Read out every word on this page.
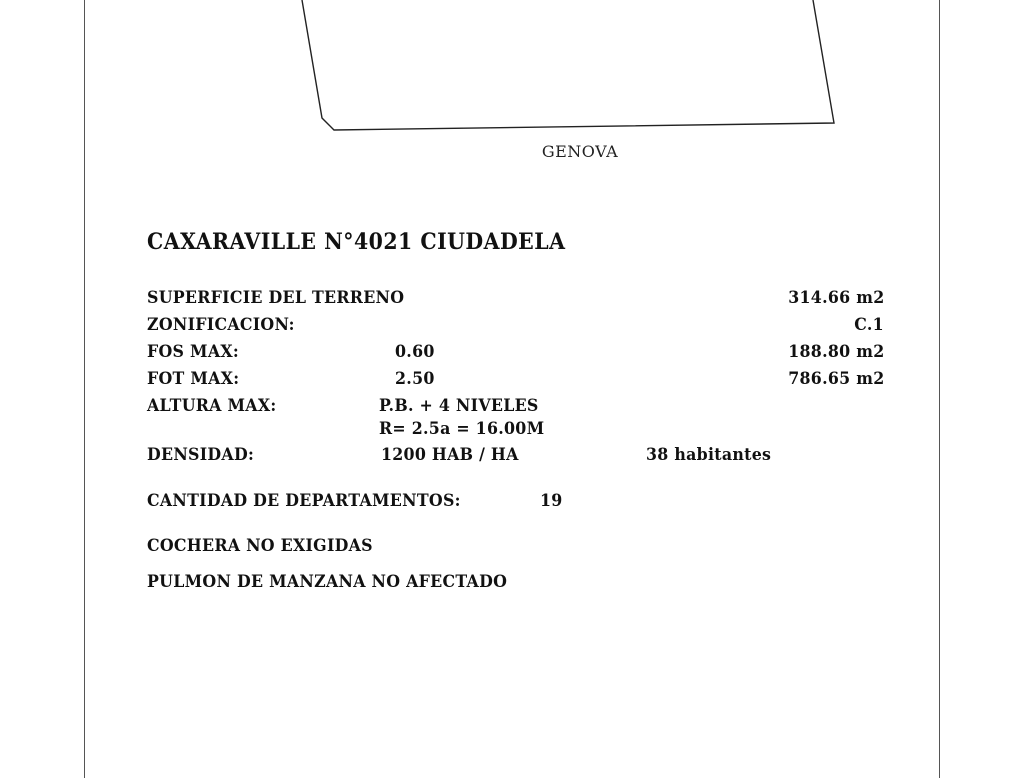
GENOVA
CAXARAVILLE N°4021 CIUDADELA
SUPERFICIE DEL TERRENO	314.66 m2
ZONIFICACION:	C.1
FOS MAX:	0.60	188.80 m2
FOT MAX:	2.50	786.65 m2
ALTURA MAX:	P.B. + 4 NIVELES
R= 2.5a = 16.00M
DENSIDAD:	1200 HAB / HA	38 habitantes
CANTIDAD DE DEPARTAMENTOS:	19
COCHERA NO EXIGIDAS
PULMON DE MANZANA NO AFECTADO
